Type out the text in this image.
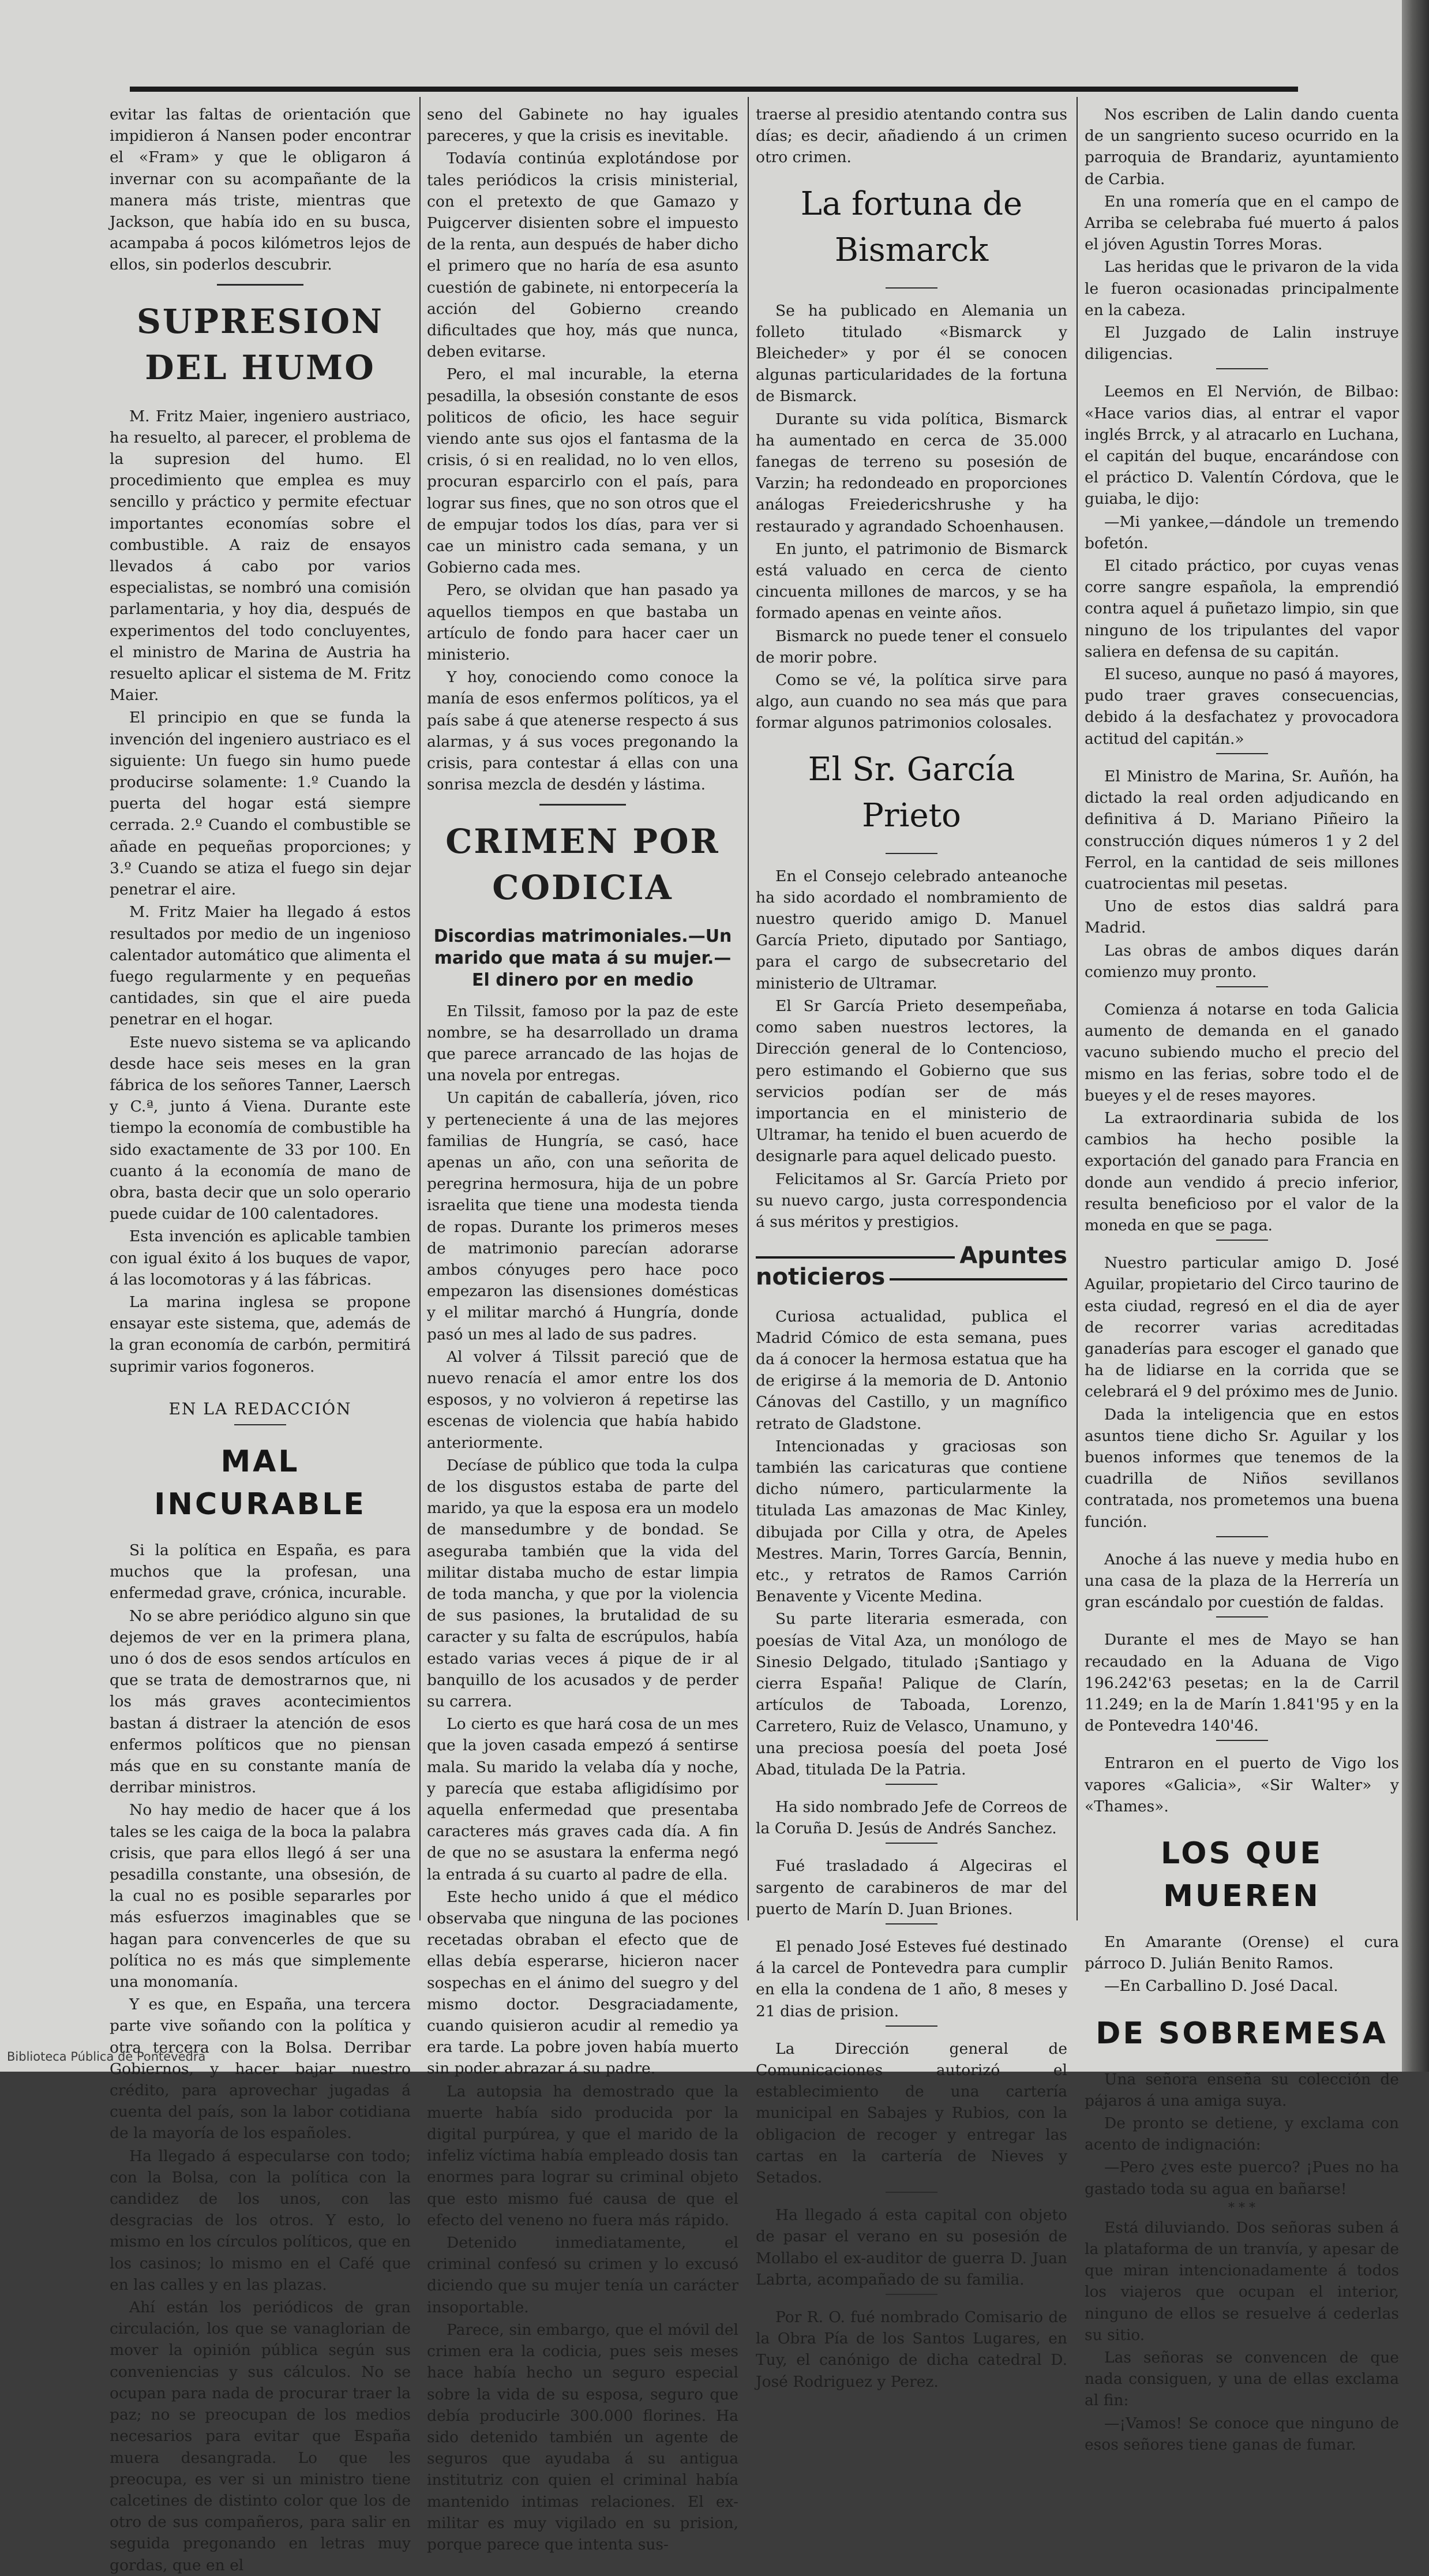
evitar las faltas de orientación que impidieron á Nansen poder encontrar el «Fram» y que le obligaron á invernar con su acompañante de la manera más triste, mientras que Jackson, que había ido en su busca, acampaba á pocos kilómetros lejos de ellos, sin poderlos descubrir.

SUPRESION DEL HUMO

M. Fritz Maier, ingeniero austriaco, ha resuelto, al parecer, el problema de la supresion del humo. El procedimiento que emplea es muy sencillo y práctico y permite efectuar importantes economías sobre el combustible. A raiz de ensayos llevados á cabo por varios especialistas, se nombró una comisión parlamentaria, y hoy dia, después de experimentos del todo concluyentes, el ministro de Marina de Austria ha resuelto aplicar el sistema de M. Fritz Maier.

El principio en que se funda la invención del ingeniero austriaco es el siguiente: Un fuego sin humo puede producirse solamente: 1.º Cuando la puerta del hogar está siempre cerrada. 2.º Cuando el combustible se añade en pequeñas proporciones; y 3.º Cuando se atiza el fuego sin dejar penetrar el aire.

M. Fritz Maier ha llegado á estos resultados por medio de un ingenioso calentador automático que alimenta el fuego regularmente y en pequeñas cantidades, sin que el aire pueda penetrar en el hogar.

Este nuevo sistema se va aplicando desde hace seis meses en la gran fábrica de los señores Tanner, Laersch y C.ª, junto á Viena. Durante este tiempo la economía de combustible ha sido exactamente de 33 por 100. En cuanto á la economía de mano de obra, basta decir que un solo operario puede cuidar de 100 calentadores.

Esta invención es aplicable tambien con igual éxito á los buques de vapor, á las locomotoras y á las fábricas.

La marina inglesa se propone ensayar este sistema, que, además de la gran economía de carbón, permitirá suprimir varios fogoneros.

EN LA REDACCIÓN
MAL INCURABLE

Si la política en España, es para muchos que la profesan, una enfermedad grave, crónica, incurable.

No se abre periódico alguno sin que dejemos de ver en la primera plana, uno ó dos de esos sendos artículos en que se trata de demostrarnos que, ni los más graves acontecimientos bastan á distraer la atención de esos enfermos políticos que no piensan más que en su constante manía de derribar ministros.

No hay medio de hacer que á los tales se les caiga de la boca la palabra crisis, que para ellos llegó á ser una pesadilla constante, una obsesión, de la cual no es posible separarles por más esfuerzos imaginables que se hagan para convencerles de que su política no es más que simplemente una monomanía.

Y es que, en España, una tercera parte vive soñando con la política y otra tercera con la Bolsa. Derribar Gobiernos, y hacer bajar nuestro crédito, para aprovechar jugadas á cuenta del país, son la labor cotidiana de la mayoría de los españoles.

Ha llegado á especularse con todo; con la Bolsa, con la política con la candidez de los unos, con las desgracias de los otros. Y esto, lo mismo en los círculos políticos, que en los casinos; lo mismo en el Café que en las calles y en las plazas.

Ahí están los periódicos de gran circulación, los que se vanaglorian de mover la opinión pública según sus conveniencias y sus cálculos. No se ocupan para nada de procurar traer la paz; no se preocupan de los medios necesarios para evitar que España muera desangrada. Lo que les preocupa, es ver si un ministro tiene calcetines de distinto color que los de otro de sus compañeros, para salir en seguida pregonando en letras muy gordas, que en el

seno del Gabinete no hay iguales pareceres, y que la crisis es inevitable.

Todavía continúa explotándose por tales periódicos la crisis ministerial, con el pretexto de que Gamazo y Puigcerver disienten sobre el impuesto de la renta, aun después de haber dicho el primero que no haría de esa asunto cuestión de gabinete, ni entorpecería la acción del Gobierno creando dificultades que hoy, más que nunca, deben evitarse.

Pero, el mal incurable, la eterna pesadilla, la obsesión constante de esos politicos de oficio, les hace seguir viendo ante sus ojos el fantasma de la crisis, ó si en realidad, no lo ven ellos, procuran esparcirlo con el país, para lograr sus fines, que no son otros que el de empujar todos los días, para ver si cae un ministro cada semana, y un Gobierno cada mes.

Pero, se olvidan que han pasado ya aquellos tiempos en que bastaba un artículo de fondo para hacer caer un ministerio.

Y hoy, conociendo como conoce la manía de esos enfermos políticos, ya el país sabe á que atenerse respecto á sus alarmas, y á sus voces pregonando la crisis, para contestar á ellas con una sonrisa mezcla de desdén y lástima.

CRIMEN POR CODICIA
Discordias matrimoniales.—Un marido que mata á su mujer.—El dinero por en medio

En Tilssit, famoso por la paz de este nombre, se ha desarrollado un drama que parece arrancado de las hojas de una novela por entregas.

Un capitán de caballería, jóven, rico y perteneciente á una de las mejores familias de Hungría, se casó, hace apenas un año, con una señorita de peregrina hermosura, hija de un pobre israelita que tiene una modesta tienda de ropas. Durante los primeros meses de matrimonio parecían adorarse ambos cónyuges pero hace poco empezaron las disensiones domésticas y el militar marchó á Hungría, donde pasó un mes al lado de sus padres.

Al volver á Tilssit pareció que de nuevo renacía el amor entre los dos esposos, y no volvieron á repetirse las escenas de violencia que había habido anteriormente.

Decíase de público que toda la culpa de los disgustos estaba de parte del marido, ya que la esposa era un modelo de mansedumbre y de bondad. Se aseguraba también que la vida del militar distaba mucho de estar limpia de toda mancha, y que por la violencia de sus pasiones, la brutalidad de su caracter y su falta de escrúpulos, había estado varias veces á pique de ir al banquillo de los acusados y de perder su carrera.

Lo cierto es que hará cosa de un mes que la joven casada empezó á sentirse mala. Su marido la velaba día y noche, y parecía que estaba afligidísimo por aquella enfermedad que presentaba caracteres más graves cada día. A fin de que no se asustara la enferma negó la entrada á su cuarto al padre de ella.

Este hecho unido á que el médico observaba que ninguna de las pociones recetadas obraban el efecto que de ellas debía esperarse, hicieron nacer sospechas en el ánimo del suegro y del mismo doctor. Desgraciadamente, cuando quisieron acudir al remedio ya era tarde. La pobre joven había muerto sin poder abrazar á su padre.

La autopsia ha demostrado que la muerte había sido producida por la digital purpúrea, y que el marido de la infeliz víctima había empleado dosis tan enormes para lograr su criminal objeto que esto mismo fué causa de que el efecto del veneno no fuera más rápido.

Detenido inmediatamente, el criminal confesó su crimen y lo excusó diciendo que su mujer tenía un carácter insoportable.

Parece, sin embargo, que el móvil del crimen era la codicia, pues seis meses hace había hecho un seguro especial sobre la vida de su esposa, seguro que debía producirle 300.000 florines. Ha sido detenido también un agente de seguros que ayudaba á su antigua institutriz con quien el criminal había mantenido intimas relaciones. El ex-militar es muy vigilado en su prision, porque parece que intenta sus-

traerse al presidio atentando contra sus días; es decir, añadiendo á un crimen otro crimen.

La fortuna de Bismarck

Se ha publicado en Alemania un folleto titulado «Bismarck y Bleicheder» y por él se conocen algunas particularidades de la fortuna de Bismarck.

Durante su vida política, Bismarck ha aumentado en cerca de 35.000 fanegas de terreno su posesión de Varzin; ha redondeado en proporciones análogas Freiedericshrushe y ha restaurado y agrandado Schoenhausen.

En junto, el patrimonio de Bismarck está valuado en cerca de ciento cincuenta millones de marcos, y se ha formado apenas en veinte años.

Bismarck no puede tener el consuelo de morir pobre.

Como se vé, la política sirve para algo, aun cuando no sea más que para formar algunos patrimonios colosales.

El Sr. García Prieto

En el Consejo celebrado anteanoche ha sido acordado el nombramiento de nuestro querido amigo D. Manuel García Prieto, diputado por Santiago, para el cargo de subsecretario del ministerio de Ultramar.

El Sr García Prieto desempeñaba, como saben nuestros lectores, la Dirección general de lo Contencioso, pero estimando el Gobierno que sus servicios podían ser de más importancia en el ministerio de Ultramar, ha tenido el buen acuerdo de designarle para aquel delicado puesto.

Felicitamos al Sr. García Prieto por su nuevo cargo, justa correspondencia á sus méritos y prestigios.

Apuntes
noticieros

Curiosa actualidad, publica el Madrid Cómico de esta semana, pues da á conocer la hermosa estatua que ha de erigirse á la memoria de D. Antonio Cánovas del Castillo, y un magnífico retrato de Gladstone.

Intencionadas y graciosas son también las caricaturas que contiene dicho número, particularmente la titulada Las amazonas de Mac Kinley, dibujada por Cilla y otra, de Apeles Mestres. Marin, Torres García, Bennin, etc., y retratos de Ramos Carrión Benavente y Vicente Medina.

Su parte literaria esmerada, con poesías de Vital Aza, un monólogo de Sinesio Delgado, titulado ¡Santiago y cierra España! Palique de Clarín, artículos de Taboada, Lorenzo, Carretero, Ruiz de Velasco, Unamuno, y una preciosa poesía del poeta José Abad, titulada De la Patria.

Ha sido nombrado Jefe de Correos de la Coruña D. Jesús de Andrés Sanchez.

Fué trasladado á Algeciras el sargento de carabineros de mar del puerto de Marín D. Juan Briones.

El penado José Esteves fué destinado á la carcel de Pontevedra para cumplir en ella la condena de 1 año, 8 meses y 21 dias de prision.

La Dirección general de Comunicaciones autorizó el establecimiento de una cartería municipal en Sabajes y Rubios, con la obligacion de recoger y entregar las cartas en la cartería de Nieves y Setados.

Ha llegado á esta capital con objeto de pasar el verano en su posesión de Mollabo el ex-auditor de guerra D. Juan Labrta, acompañado de su familia.

Por R. O. fué nombrado Comisario de la Obra Pía de los Santos Lugares, en Tuy, el canónigo de dicha catedral D. José Rodriguez y Perez.

Nos escriben de Lalin dando cuenta de un sangriento suceso ocurrido en la parroquia de Brandariz, ayuntamiento de Carbia.

En una romería que en el campo de Arriba se celebraba fué muerto á palos el jóven Agustin Torres Moras.

Las heridas que le privaron de la vida le fueron ocasionadas principalmente en la cabeza.

El Juzgado de Lalin instruye diligencias.

Leemos en El Nervión, de Bilbao: «Hace varios dias, al entrar el vapor inglés Brrck, y al atracarlo en Luchana, el capitán del buque, encarándose con el práctico D. Valentín Córdova, que le guiaba, le dijo:

—Mi yankee,—dándole un tremendo bofetón.

El citado práctico, por cuyas venas corre sangre española, la emprendió contra aquel á puñetazo limpio, sin que ninguno de los tripulantes del vapor saliera en defensa de su capitán.

El suceso, aunque no pasó á mayores, pudo traer graves consecuencias, debido á la desfachatez y provocadora actitud del capitán.»

El Ministro de Marina, Sr. Auñón, ha dictado la real orden adjudicando en definitiva á D. Mariano Piñeiro la construcción diques números 1 y 2 del Ferrol, en la cantidad de seis millones cuatrocientas mil pesetas.

Uno de estos dias saldrá para Madrid.

Las obras de ambos diques darán comienzo muy pronto.

Comienza á notarse en toda Galicia aumento de demanda en el ganado vacuno subiendo mucho el precio del mismo en las ferias, sobre todo el de bueyes y el de reses mayores.

La extraordinaria subida de los cambios ha hecho posible la exportación del ganado para Francia en donde aun vendido á precio inferior, resulta beneficioso por el valor de la moneda en que se paga.

Nuestro particular amigo D. José Aguilar, propietario del Circo taurino de esta ciudad, regresó en el dia de ayer de recorrer varias acreditadas ganaderías para escoger el ganado que ha de lidiarse en la corrida que se celebrará el 9 del próximo mes de Junio.

Dada la inteligencia que en estos asuntos tiene dicho Sr. Aguilar y los buenos informes que tenemos de la cuadrilla de Niños sevillanos contratada, nos prometemos una buena función.

Anoche á las nueve y media hubo en una casa de la plaza de la Herrería un gran escándalo por cuestión de faldas.

Durante el mes de Mayo se han recaudado en la Aduana de Vigo 196.242'63 pesetas; en la de Carril 11.249; en la de Marín 1.841'95 y en la de Pontevedra 140'46.

Entraron en el puerto de Vigo los vapores «Galicia», «Sir Walter» y «Thames».

LOS QUE MUEREN

En Amarante (Orense) el cura párroco D. Julián Benito Ramos.

—En Carballino D. José Dacal.

DE SOBREMESA

Una señora enseña su colección de pájaros á una amiga suya.

De pronto se detiene, y exclama con acento de indignación:

—Pero ¿ves este puerco? ¡Pues no ha gastado toda su agua en bañarse!

* * *

Está diluviando. Dos señoras suben á la plataforma de un tranvía, y apesar de que miran intencionadamente á todos los viajeros que ocupan el interior, ninguno de ellos se resuelve á cederlas su sitio.

Las señoras se convencen de que nada consiguen, y una de ellas exclama al fin:

—¡Vamos! Se conoce que ninguno de esos señores tiene ganas de fumar.

Biblioteca Pública de Pontevedra
